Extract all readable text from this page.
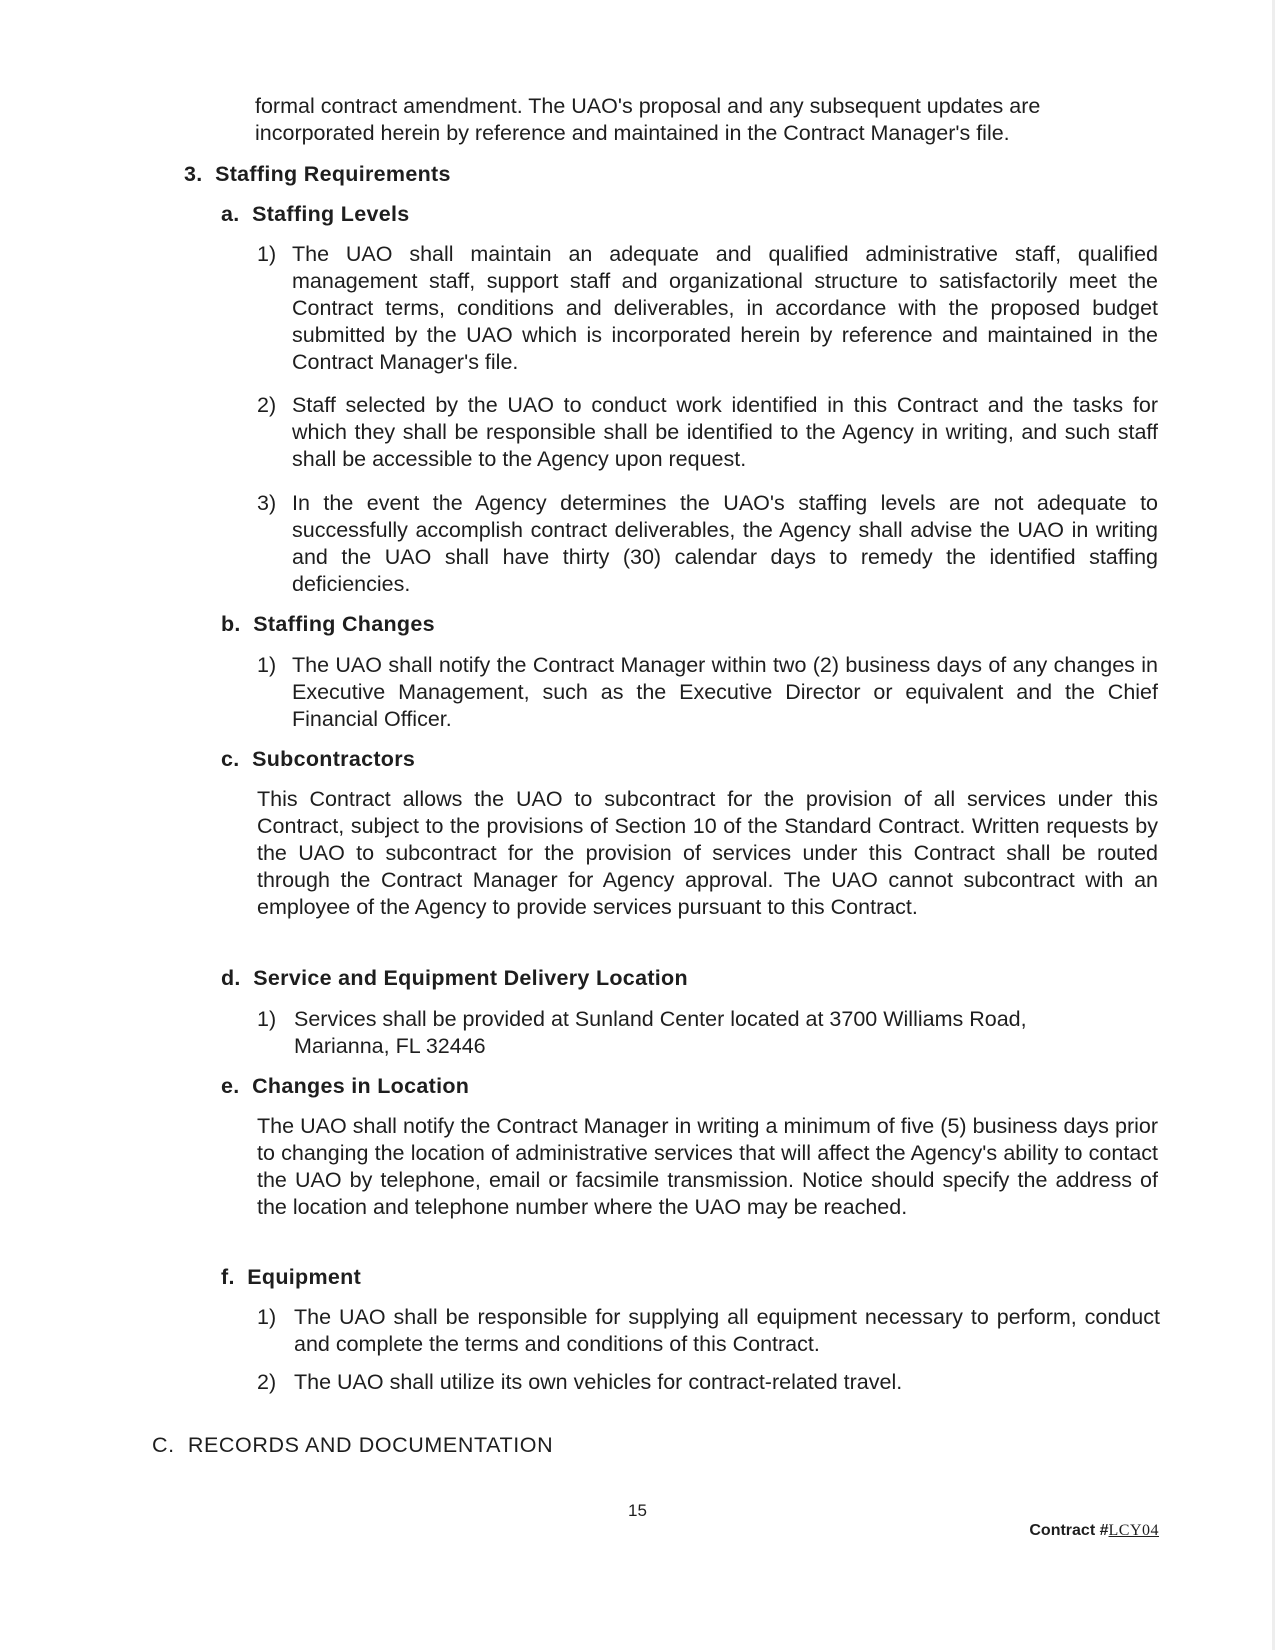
formal contract amendment. The UAO's proposal and any subsequent updates are
incorporated herein by reference and maintained in the Contract Manager's file.

3. Staffing Requirements
a. Staffing Levels
1) The UAO shall maintain an adequate and qualified administrative staff, qualified management staff, support staff and organizational structure to satisfactorily meet the Contract terms, conditions and deliverables, in accordance with the proposed budget submitted by the UAO which is incorporated herein by reference and maintained in the Contract Manager's file.

2) Staff selected by the UAO to conduct work identified in this Contract and the tasks for which they shall be responsible shall be identified to the Agency in writing, and such staff shall be accessible to the Agency upon request.

3) In the event the Agency determines the UAO's staffing levels are not adequate to successfully accomplish contract deliverables, the Agency shall advise the UAO in writing and the UAO shall have thirty (30) calendar days to remedy the identified staffing deficiencies.

b. Staffing Changes
1) The UAO shall notify the Contract Manager within two (2) business days of any changes in Executive Management, such as the Executive Director or equivalent and the Chief Financial Officer.

c. Subcontractors

This Contract allows the UAO to subcontract for the provision of all services under this Contract, subject to the provisions of Section 10 of the Standard Contract. Written requests by the UAO to subcontract for the provision of services under this Contract shall be routed through the Contract Manager for Agency approval. The UAO cannot subcontract with an employee of the Agency to provide services pursuant to this Contract.

d. Service and Equipment Delivery Location
1) Services shall be provided at Sunland Center located at 3700 Williams Road,
Marianna, FL 32446

e. Changes in Location

The UAO shall notify the Contract Manager in writing a minimum of five (5) business days prior to changing the location of administrative services that will affect the Agency's ability to contact the UAO by telephone, email or facsimile transmission. Notice should specify the address of the location and telephone number where the UAO may be reached.

f. Equipment
1) The UAO shall be responsible for supplying all equipment necessary to perform, conduct and complete the terms and conditions of this Contract.

2) The UAO shall utilize its own vehicles for contract-related travel.

C. RECORDS AND DOCUMENTATION
15
Contract #LCY04
